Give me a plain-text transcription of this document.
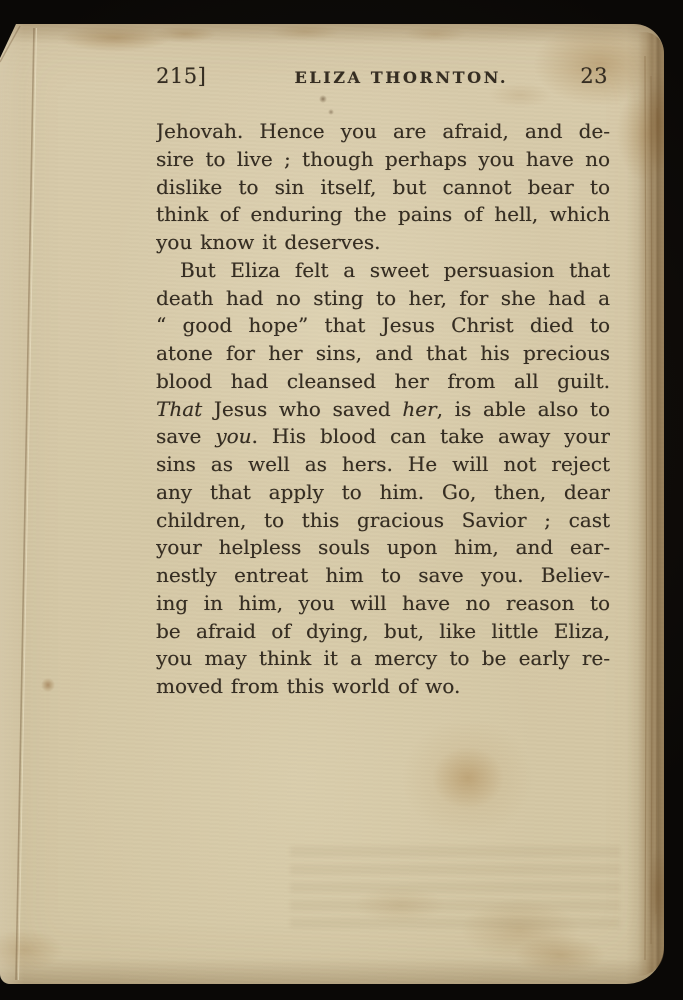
215]	ELIZA THORNTON.	23
Jehovah. Hence you are afraid, and de-
sire to live ; though perhaps you have no
dislike to sin itself, but cannot bear to
think of enduring the pains of hell, which
you know it deserves.
But Eliza felt a sweet persuasion that
death had no sting to her, for she had a
“ good hope” that Jesus Christ died to
atone for her sins, and that his precious
blood had cleansed her from all guilt.
That Jesus who saved her, is able also to
save you. His blood can take away your
sins as well as hers. He will not reject
any that apply to him. Go, then, dear
children, to this gracious Savior ; cast
your helpless souls upon him, and ear-
nestly entreat him to save you. Believ-
ing in him, you will have no reason to
be afraid of dying, but, like little Eliza,
you may think it a mercy to be early re-
moved from this world of wo.
